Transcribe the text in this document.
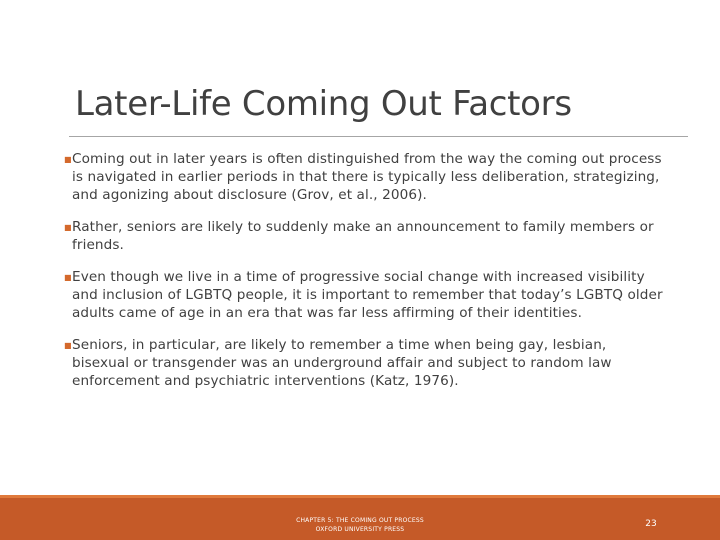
Later-Life Coming Out Factors
■ Coming out in later years is often distinguished from the way the coming out process is navigated in earlier periods in that there is typically less deliberation, strategizing, and agonizing about disclosure (Grov, et al., 2006).
■ Rather, seniors are likely to suddenly make an announcement to family members or friends.
■ Even though we live in a time of progressive social change with increased visibility and inclusion of LGBTQ people, it is important to remember that today’s LGBTQ older adults came of age in an era that was far less affirming of their identities.
■ Seniors, in particular, are likely to remember a time when being gay, lesbian, bisexual or transgender was an underground affair and subject to random law enforcement and psychiatric interventions (Katz, 1976).
CHAPTER 5: THE COMING OUT PROCESS
OXFORD UNIVERSITY PRESS
23
